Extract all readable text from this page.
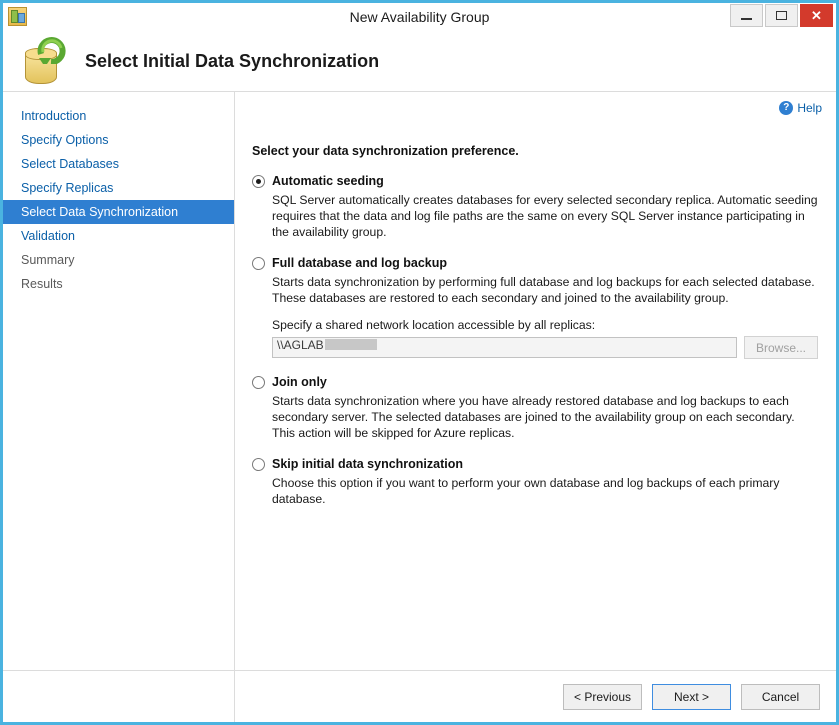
New Availability Group	✕
Select Initial Data Synchronization
Introduction
Specify Options
Select Databases
Specify Replicas
Select Data Synchronization
Validation
Summary
Results
? Help
Select your data synchronization preference.
Automatic seeding
SQL Server automatically creates databases for every selected secondary replica. Automatic seeding requires that the data and log file paths are the same on every SQL Server instance participating in the availability group.
Full database and log backup
Starts data synchronization by performing full database and log backups for each selected database. These databases are restored to each secondary and joined to the availability group.
Specify a shared network location accessible by all replicas:
\\AGLAB	Browse...
Join only
Starts data synchronization where you have already restored database and log backups to each secondary server. The selected databases are joined to the availability group on each secondary. This action will be skipped for Azure replicas.
Skip initial data synchronization
Choose this option if you want to perform your own database and log backups of each primary database.
< Previous	Next >	Cancel
